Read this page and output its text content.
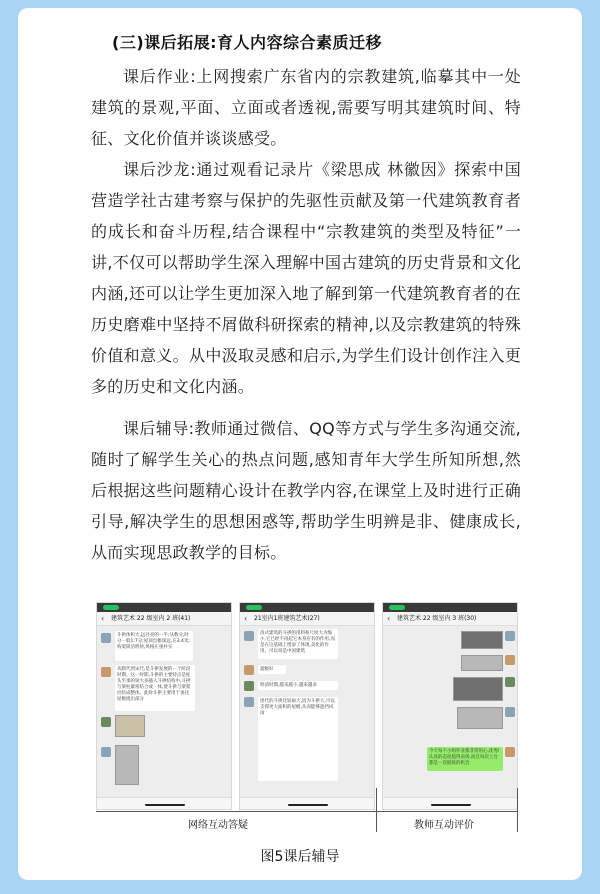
(三)课后拓展:育人内容综合素质迁移

课后作业:上网搜索广东省内的宗教建筑,临摹其中一处建筑的景观,平面、立面或者透视,需要写明其建筑时间、特征、文化价值并谈谈感受。

课后沙龙:通过观看记录片《梁思成 林徽因》探索中国营造学社古建考察与保护的先驱性贡献及第一代建筑教育者的成长和奋斗历程,结合课程中“宗教建筑的类型及特征”一讲,不仅可以帮助学生深入理解中国古建筑的历史背景和文化内涵,还可以让学生更加深入地了解到第一代建筑教育者的在历史磨难中坚持不屑做科研探索的精神,以及宗教建筑的特殊价值和意义。从中汲取灵感和启示,为学生们设计创作注入更多的历史和文化内涵。

课后辅导:教师通过微信、QQ等方式与学生多沟通交流,随时了解学生关心的热点问题,感知青年大学生所知所想,然后根据这些问题精心设计在教学内容,在课堂上及时进行正确引导,解决学生的思想困惑等,帮助学生明辨是非、健康成长,从而实现思政教学的目标。

‹ 建筑艺术 22 级室内 2 班(41)
斗拱体积大,远径亮的一半;从数分,时分一般1:7分;屋顶出檐深远,在3.4米;构架简洁明快,风格庄重朴实
从隋代到宋代,是斗拱发展的一个阶段时期。这一时期,斗拱的主要特点是柱头至承的梁大多插入斗拱结构中,斗拱与梁柱紧密结合成一体,使斗拱与梁架拉结成整体。此时斗拱主要用于承托屋檐挑出部分
‹ 21室内1班建筑艺术(27)
清式建筑的斗拱的用料和尺度大为缩小,它已经不再起它本身应有的作用,而是在这基础上增添了体现,美化的作用。可以说是中国建筑
超级好
明清时期,越来越小,越来越多
唐代的斗拱比较硕大,因为斗拱大,可以支撑更大面积的屋檐,从而能够遮挡风雨
‹ 建筑艺术 22 级室内 3 班(30)
今天每个小组作业都非常用心,优秀!认真的态度值得表扬,而且每次上台都是一次锻炼的机会
网络互动答疑	教师互动评价
图5课后辅导
